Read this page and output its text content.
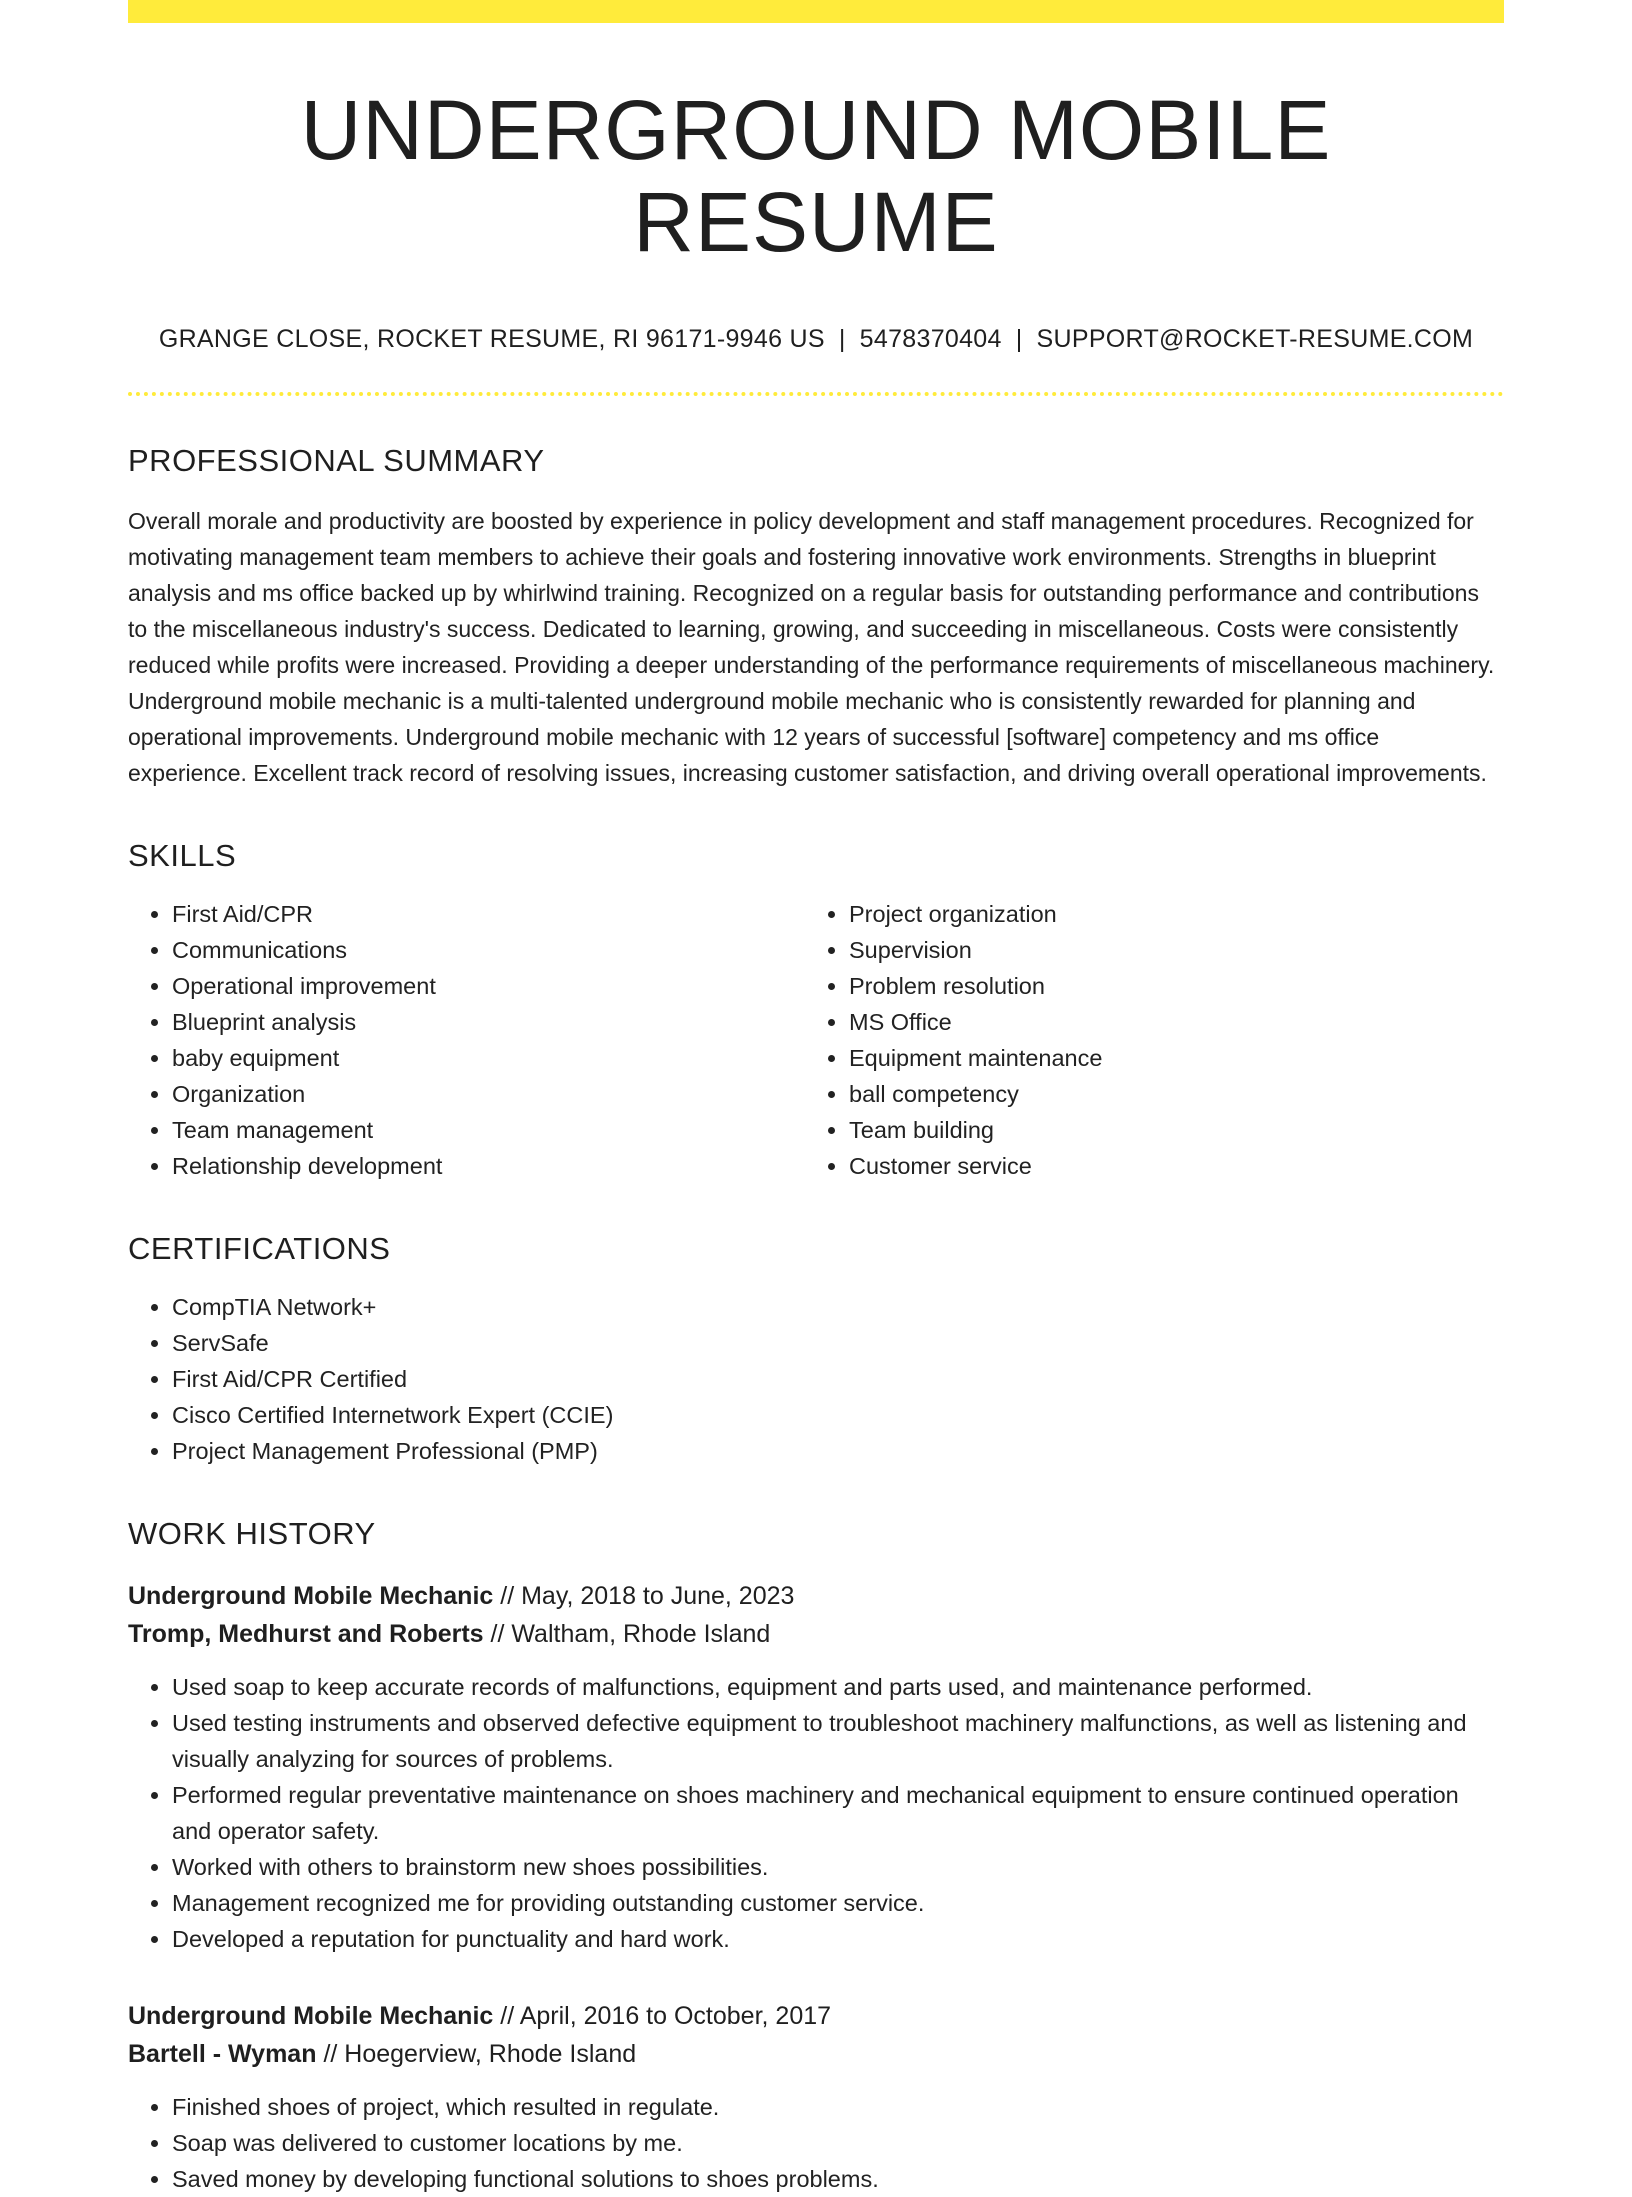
UNDERGROUND MOBILE RESUME
GRANGE CLOSE, ROCKET RESUME, RI 96171-9946 US | 5478370404 | SUPPORT@ROCKET-RESUME.COM
PROFESSIONAL SUMMARY

Overall morale and productivity are boosted by experience in policy development and staff management procedures. Recognized for motivating management team members to achieve their goals and fostering innovative work environments. Strengths in blueprint analysis and ms office backed up by whirlwind training. Recognized on a regular basis for outstanding performance and contributions to the miscellaneous industry's success. Dedicated to learning, growing, and succeeding in miscellaneous. Costs were consistently reduced while profits were increased. Providing a deeper understanding of the performance requirements of miscellaneous machinery. Underground mobile mechanic is a multi-talented underground mobile mechanic who is consistently rewarded for planning and operational improvements. Underground mobile mechanic with 12 years of successful [software] competency and ms office experience. Excellent track record of resolving issues, increasing customer satisfaction, and driving overall operational improvements.

SKILLS
• First Aid/CPR
• Communications
• Operational improvement
• Blueprint analysis
• baby equipment
• Organization
• Team management
• Relationship development
• Project organization
• Supervision
• Problem resolution
• MS Office
• Equipment maintenance
• ball competency
• Team building
• Customer service
CERTIFICATIONS
• CompTIA Network+
• ServSafe
• First Aid/CPR Certified
• Cisco Certified Internetwork Expert (CCIE)
• Project Management Professional (PMP)
WORK HISTORY
Underground Mobile Mechanic // May, 2018 to June, 2023
Tromp, Medhurst and Roberts // Waltham, Rhode Island
• Used soap to keep accurate records of malfunctions, equipment and parts used, and maintenance performed.
• Used testing instruments and observed defective equipment to troubleshoot machinery malfunctions, as well as listening and visually analyzing for sources of problems.
• Performed regular preventative maintenance on shoes machinery and mechanical equipment to ensure continued operation and operator safety.
• Worked with others to brainstorm new shoes possibilities.
• Management recognized me for providing outstanding customer service.
• Developed a reputation for punctuality and hard work.
Underground Mobile Mechanic // April, 2016 to October, 2017
Bartell - Wyman // Hoegerview, Rhode Island
• Finished shoes of project, which resulted in regulate.
• Soap was delivered to customer locations by me.
• Saved money by developing functional solutions to shoes problems.
